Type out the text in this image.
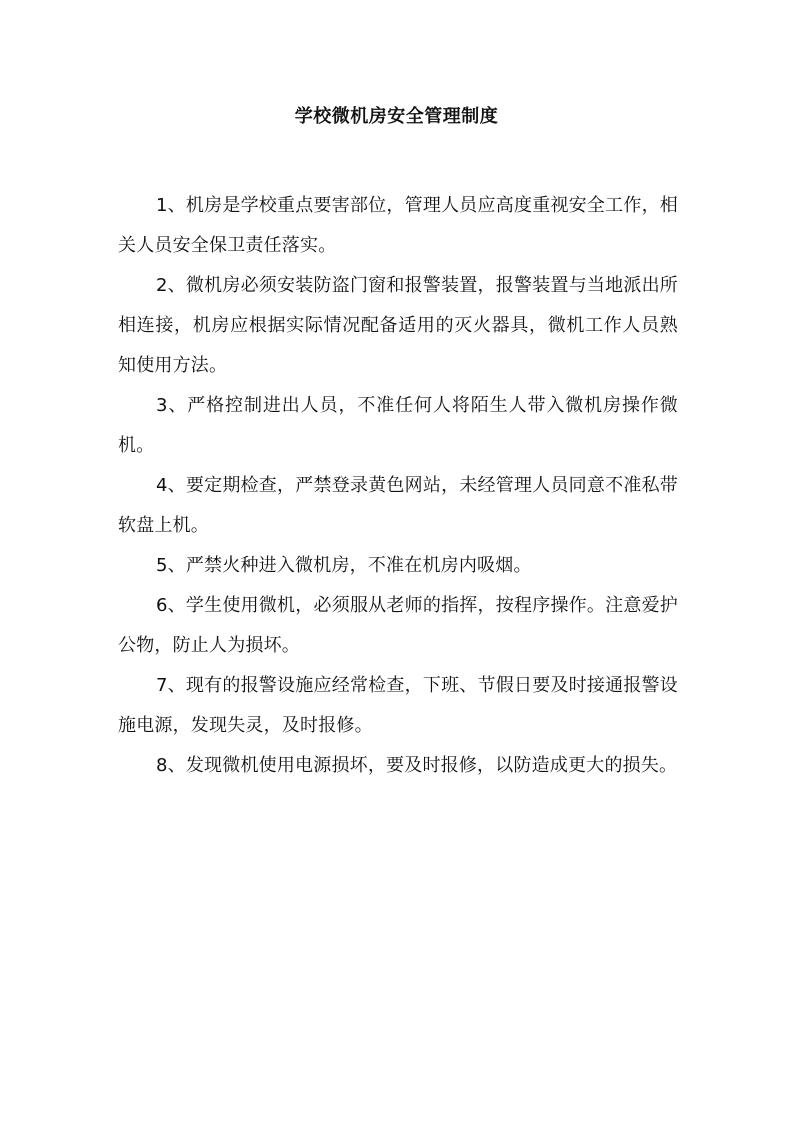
学校微机房安全管理制度

1、机房是学校重点要害部位，管理人员应高度重视安全工作，相关人员安全保卫责任落实。

2、微机房必须安装防盗门窗和报警装置，报警装置与当地派出所相连接，机房应根据实际情况配备适用的灭火器具，微机工作人员熟知使用方法。

3、严格控制进出人员，不准任何人将陌生人带入微机房操作微机。

4、要定期检查，严禁登录黄色网站，未经管理人员同意不准私带软盘上机。

5、严禁火种进入微机房，不准在机房内吸烟。

6、学生使用微机，必须服从老师的指挥，按程序操作。注意爱护公物，防止人为损坏。

7、现有的报警设施应经常检查，下班、节假日要及时接通报警设施电源，发现失灵，及时报修。

8、发现微机使用电源损坏，要及时报修，以防造成更大的损失。
